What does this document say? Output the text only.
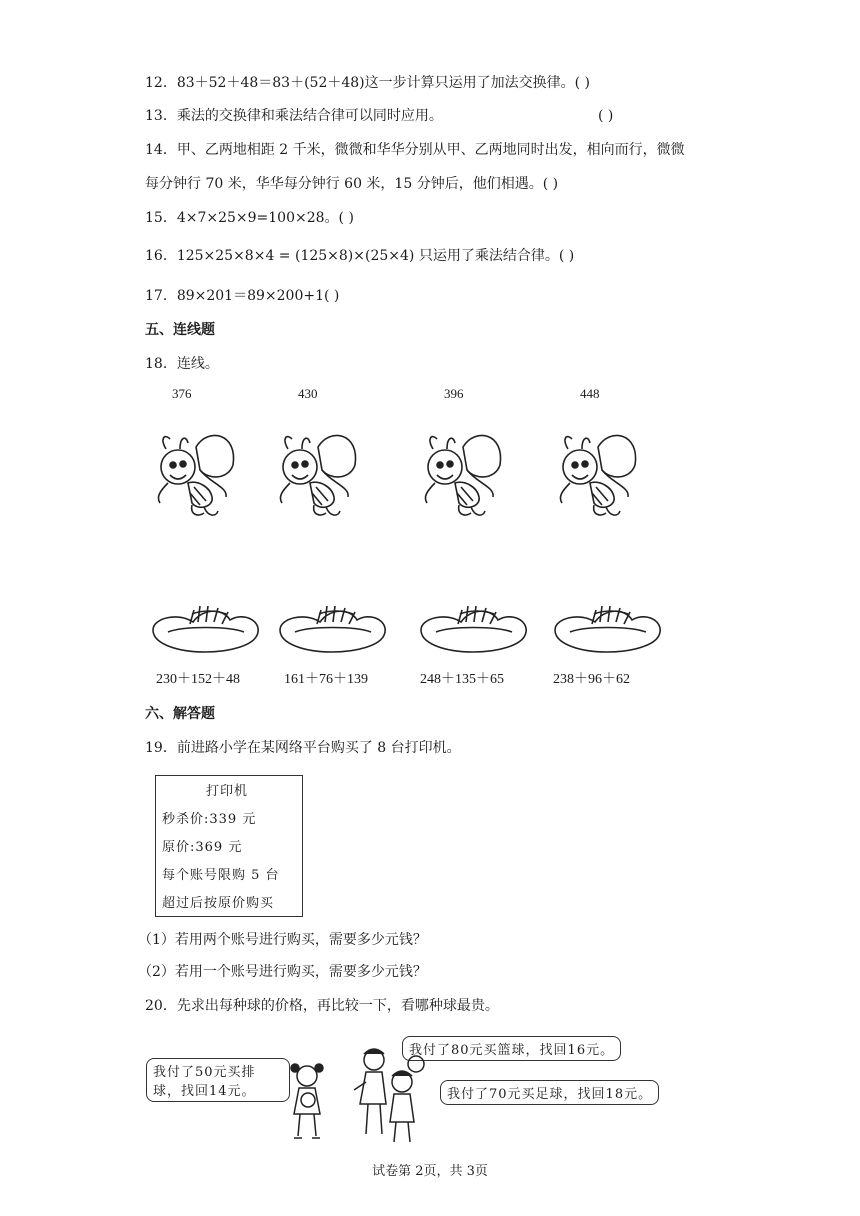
12．83＋52＋48＝83＋(52＋48)这一步计算只运用了加法交换律。( )
13．乘法的交换律和乘法结合律可以同时应用。	( )
14．甲、乙两地相距 2 千米，微微和华华分别从甲、乙两地同时出发，相向而行，微微
每分钟行 70 米，华华每分钟行 60 米，15 分钟后，他们相遇。( )
15．4×7×25×9=100×28。( )
16．125×25×8×4 = (125×8)×(25×4) 只运用了乘法结合律。( )
17．89×201＝89×200+1( )
五、连线题
18．连线。
376	430	396	448
230＋152＋48	161＋76＋139	248＋135＋65	238＋96＋62
六、解答题
19．前进路小学在某网络平台购买了 8 台打印机。
打印机
秒杀价:339 元
原价:369 元
每个账号限购 5 台
超过后按原价购买
（1）若用两个账号进行购买，需要多少元钱？
（2）若用一个账号进行购买，需要多少元钱？
20．先求出每种球的价格，再比较一下，看哪种球最贵。
我付了50元买排
球，找回14元。
我付了80元买篮球，找回16元。
我付了70元买足球，找回18元。
试卷第 2页，共 3页
